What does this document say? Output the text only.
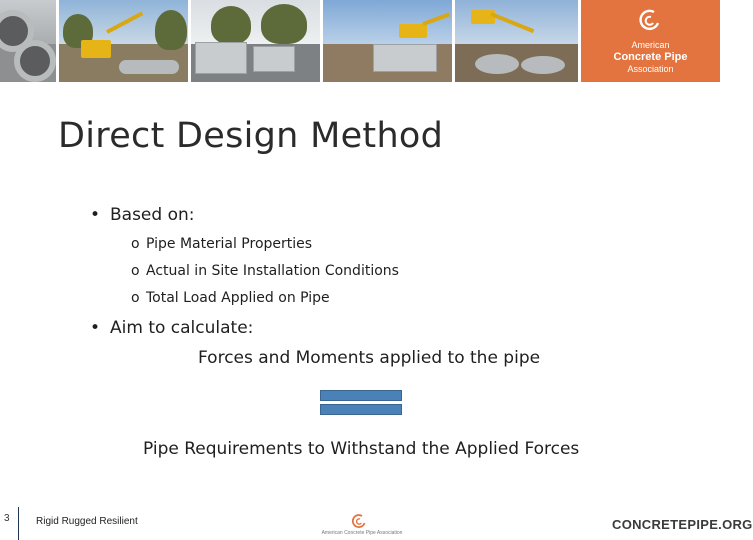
American
Concrete Pipe
Association
Direct Design Method
• Based on:
o Pipe Material Properties
o Actual in Site Installation Conditions
o Total Load Applied on Pipe
• Aim to calculate:
Forces and Moments applied to the pipe
Pipe Requirements to Withstand the Applied Forces
3	Rigid Rugged Resilient
American Concrete Pipe Association
CONCRETEPIPE.ORG
